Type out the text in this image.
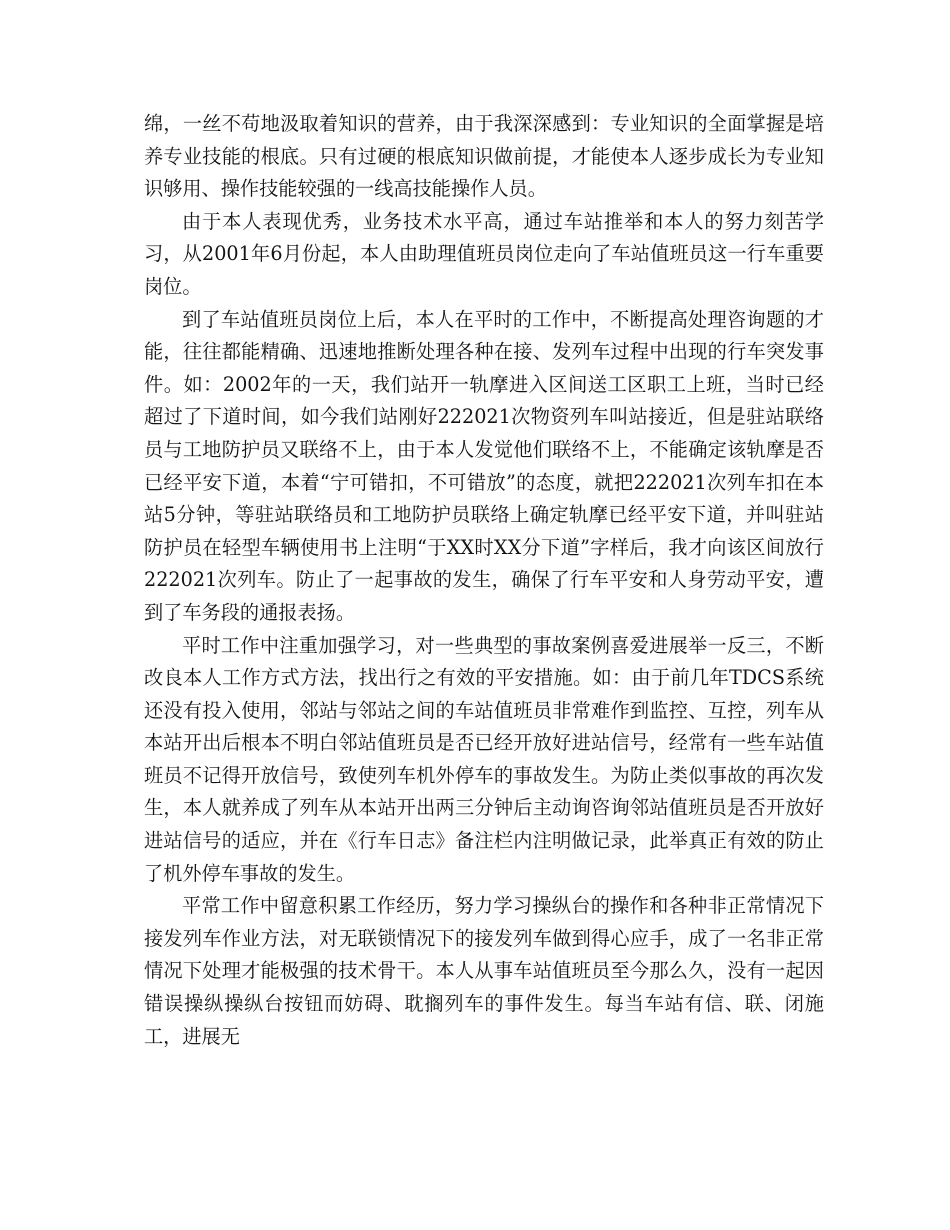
绵，一丝不苟地汲取着知识的营养，由于我深深感到：专业知识的全面掌握是培养专业技能的根底。只有过硬的根底知识做前提，才能使本人逐步成长为专业知识够用、操作技能较强的一线高技能操作人员。

由于本人表现优秀，业务技术水平高，通过车站推举和本人的努力刻苦学习，从2001年6月份起，本人由助理值班员岗位走向了车站值班员这一行车重要岗位。

到了车站值班员岗位上后，本人在平时的工作中，不断提高处理咨询题的才能，往往都能精确、迅速地推断处理各种在接、发列车过程中出现的行车突发事件。如：2002年的一天，我们站开一轨摩进入区间送工区职工上班，当时已经超过了下道时间，如今我们站刚好222021次物资列车叫站接近，但是驻站联络员与工地防护员又联络不上，由于本人发觉他们联络不上，不能确定该轨摩是否已经平安下道，本着“宁可错扣，不可错放”的态度，就把222021次列车扣在本站5分钟，等驻站联络员和工地防护员联络上确定轨摩已经平安下道，并叫驻站防护员在轻型车辆使用书上注明“于XX时XX分下道”字样后，我才向该区间放行222021次列车。防止了一起事故的发生，确保了行车平安和人身劳动平安，遭到了车务段的通报表扬。

平时工作中注重加强学习，对一些典型的事故案例喜爱进展举一反三，不断改良本人工作方式方法，找出行之有效的平安措施。如：由于前几年TDCS系统还没有投入使用，邻站与邻站之间的车站值班员非常难作到监控、互控，列车从本站开出后根本不明白邻站值班员是否已经开放好进站信号，经常有一些车站值班员不记得开放信号，致使列车机外停车的事故发生。为防止类似事故的再次发生，本人就养成了列车从本站开出两三分钟后主动询咨询邻站值班员是否开放好进站信号的适应，并在《行车日志》备注栏内注明做记录，此举真正有效的防止了机外停车事故的发生。

平常工作中留意积累工作经历，努力学习操纵台的操作和各种非正常情况下接发列车作业方法，对无联锁情况下的接发列车做到得心应手，成了一名非正常情况下处理才能极强的技术骨干。本人从事车站值班员至今那么久，没有一起因错误操纵操纵台按钮而妨碍、耽搁列车的事件发生。每当车站有信、联、闭施工，进展无
